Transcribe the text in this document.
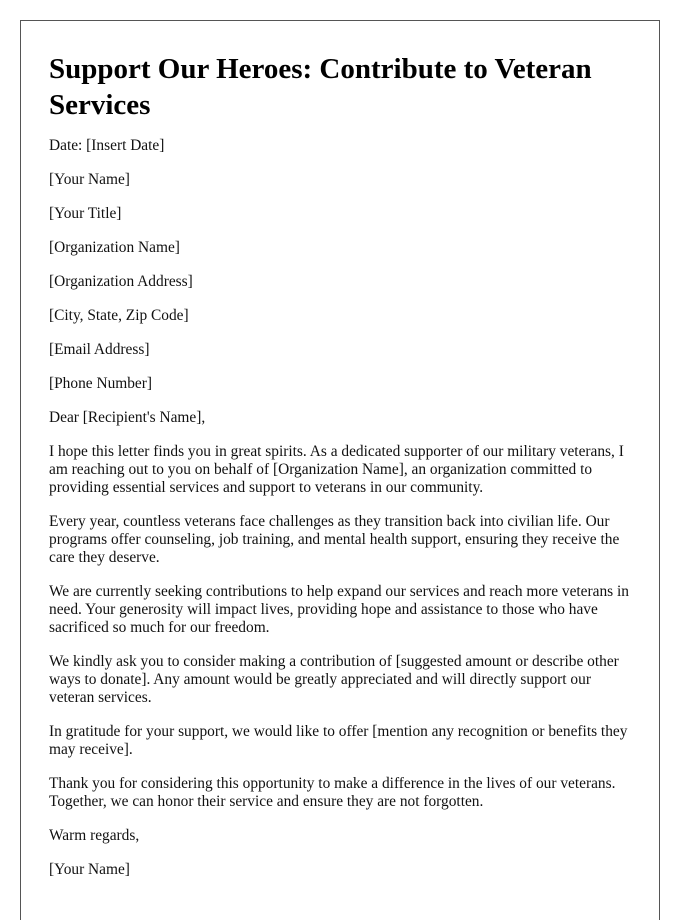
Support Our Heroes: Contribute to Veteran Services

Date: [Insert Date]

[Your Name]

[Your Title]

[Organization Name]

[Organization Address]

[City, State, Zip Code]

[Email Address]

[Phone Number]

Dear [Recipient's Name],

I hope this letter finds you in great spirits. As a dedicated supporter of our military veterans, I am reaching out to you on behalf of [Organization Name], an organization committed to providing essential services and support to veterans in our community.

Every year, countless veterans face challenges as they transition back into civilian life. Our programs offer counseling, job training, and mental health support, ensuring they receive the care they deserve.

We are currently seeking contributions to help expand our services and reach more veterans in need. Your generosity will impact lives, providing hope and assistance to those who have sacrificed so much for our freedom.

We kindly ask you to consider making a contribution of [suggested amount or describe other ways to donate]. Any amount would be greatly appreciated and will directly support our veteran services.

In gratitude for your support, we would like to offer [mention any recognition or benefits they may receive].

Thank you for considering this opportunity to make a difference in the lives of our veterans. Together, we can honor their service and ensure they are not forgotten.

Warm regards,

[Your Name]
